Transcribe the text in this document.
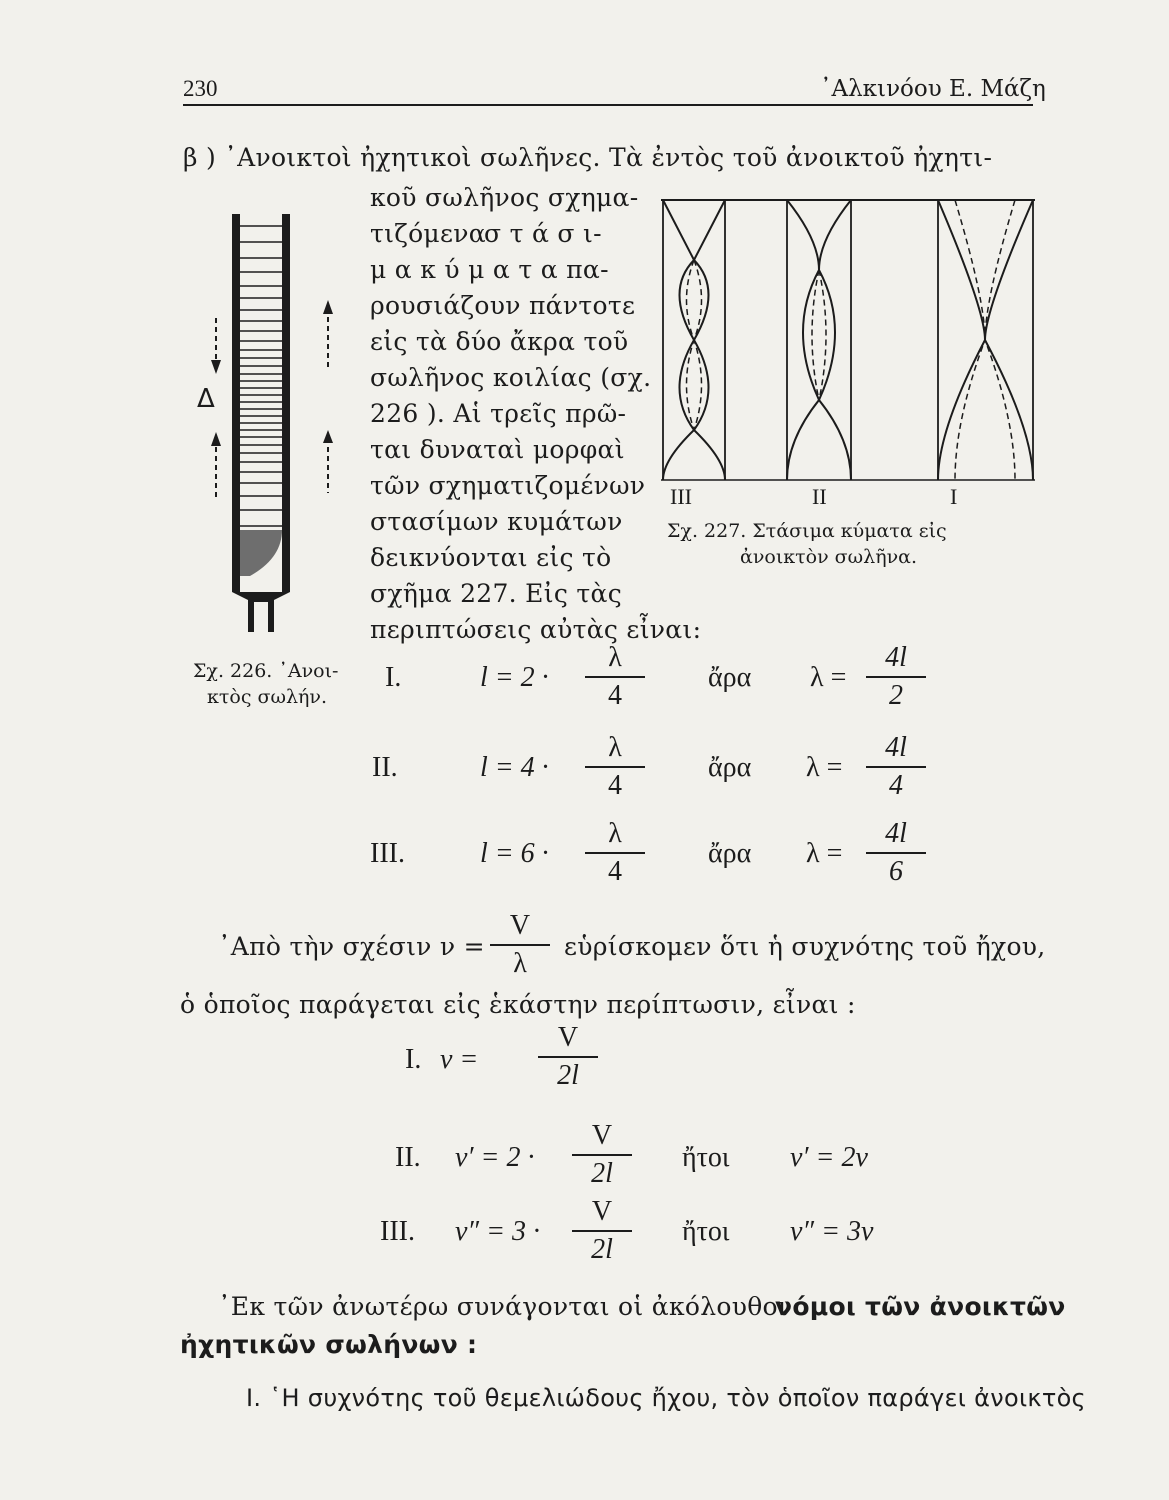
230	᾿Αλκινόου Ε. Μάζη
β ) ᾿Ανοικτοὶ ἠχητικοὶ σωλῆνες. Τὰ ἐντὸς τοῦ ἀνοικτοῦ ἠχητι-
κοῦ σωλῆνος σχημα-
τιζόμενα
σ τ ά σ ι-
μ α κ ύ μ α τ α πα-
ρουσιάζουν πάντοτε
εἰς τὰ δύο ἄκρα τοῦ
σωλῆνος κοιλίας (σχ.
226 ). Αἱ τρεῖς πρῶ-
ται δυναταὶ μορφαὶ
τῶν σχηματιζομένων
στασίμων κυμάτων
δεικνύονται εἰς τὸ
σχῆμα 227. Εἰς τὰς
περιπτώσεις αὐτὰς εἶναι:
Δ
Σχ. 226. ᾿Ανοι-
κτὸς σωλήν.
III	II	I
Σχ. 227. Στάσιμα κύματα εἰς
ἀνοικτὸν σωλῆνα.
I.	$l = 2 \cdot \frac{\lambda}{4}$ ἄρα $\lambda = \frac{4l}{2}$
II.	$l = 4 \cdot \frac{\lambda}{4}$ ἄρα $\lambda = \frac{4l}{4}$
III.	$l = 6 \cdot \frac{\lambda}{4}$ ἄρα $\lambda = \frac{4l}{6}$
᾿Απὸ τὴν σχέσιν $\nu = \frac{V}{\lambda}$ εὑρίσκομεν ὅτι ἡ συχνότης τοῦ ἤχου,
ὁ ὁποῖος παράγεται εἰς ἑκάστην περίπτωσιν, εἶναι :
I. $\nu = \frac{V}{2l}$
II. $\nu' = 2 \cdot \frac{V}{2l}$ ἤτοι ν′ = 2ν
III. $\nu'' = 3 \cdot \frac{V}{2l}$ ἤτοι ν″ = 3ν
᾿Εκ τῶν ἀνωτέρω συνάγονται οἱ ἀκόλουθοι
νόμοι τῶν ἀνοικτῶν
ἠχητικῶν σωλήνων :
Ι. ῾Η συχνότης τοῦ θεμελιώδους ἤχου, τὸν ὁποῖον παράγει ἀνοικτὸς
